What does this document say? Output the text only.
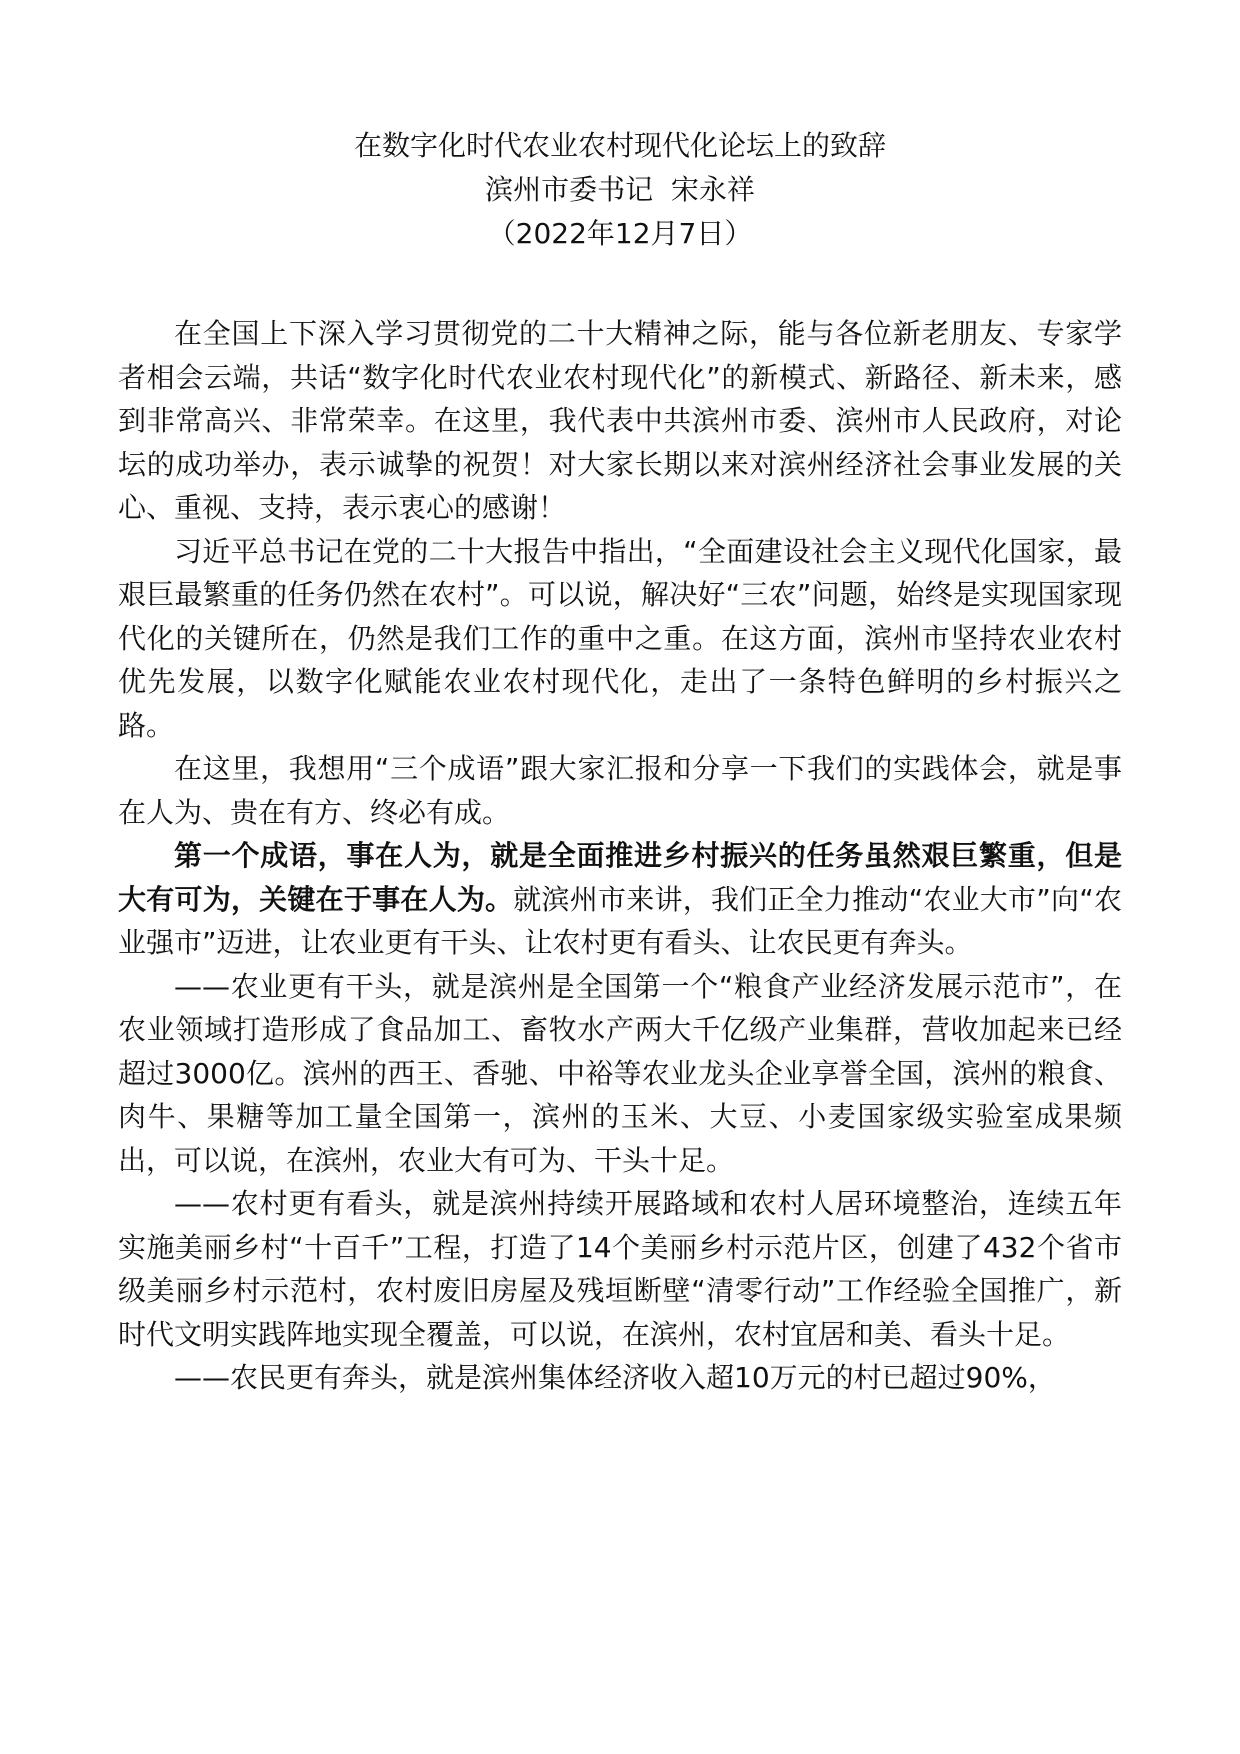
在数字化时代农业农村现代化论坛上的致辞
滨州市委书记  宋永祥
（2022年12月7日）

在全国上下深入学习贯彻党的二十大精神之际，能与各位新老朋友、专家学者相会云端，共话“数字化时代农业农村现代化”的新模式、新路径、新未来，感到非常高兴、非常荣幸。在这里，我代表中共滨州市委、滨州市人民政府，对论坛的成功举办，表示诚挚的祝贺！对大家长期以来对滨州经济社会事业发展的关心、重视、支持，表示衷心的感谢！

习近平总书记在党的二十大报告中指出，“全面建设社会主义现代化国家，最艰巨最繁重的任务仍然在农村”。可以说，解决好“三农”问题，始终是实现国家现代化的关键所在，仍然是我们工作的重中之重。在这方面，滨州市坚持农业农村优先发展，以数字化赋能农业农村现代化，走出了一条特色鲜明的乡村振兴之路。

在这里，我想用“三个成语”跟大家汇报和分享一下我们的实践体会，就是事在人为、贵在有方、终必有成。

第一个成语，事在人为，就是全面推进乡村振兴的任务虽然艰巨繁重，但是大有可为，关键在于事在人为。就滨州市来讲，我们正全力推动“农业大市”向“农业强市”迈进，让农业更有干头、让农村更有看头、让农民更有奔头。

——农业更有干头，就是滨州是全国第一个“粮食产业经济发展示范市”，在农业领域打造形成了食品加工、畜牧水产两大千亿级产业集群，营收加起来已经超过3000亿。滨州的西王、香驰、中裕等农业龙头企业享誉全国，滨州的粮食、肉牛、果糖等加工量全国第一，滨州的玉米、大豆、小麦国家级实验室成果频出，可以说，在滨州，农业大有可为、干头十足。

——农村更有看头，就是滨州持续开展路域和农村人居环境整治，连续五年实施美丽乡村“十百千”工程，打造了14个美丽乡村示范片区，创建了432个省市级美丽乡村示范村，农村废旧房屋及残垣断壁“清零行动”工作经验全国推广，新时代文明实践阵地实现全覆盖，可以说，在滨州，农村宜居和美、看头十足。

——农民更有奔头，就是滨州集体经济收入超10万元的村已超过90%，
